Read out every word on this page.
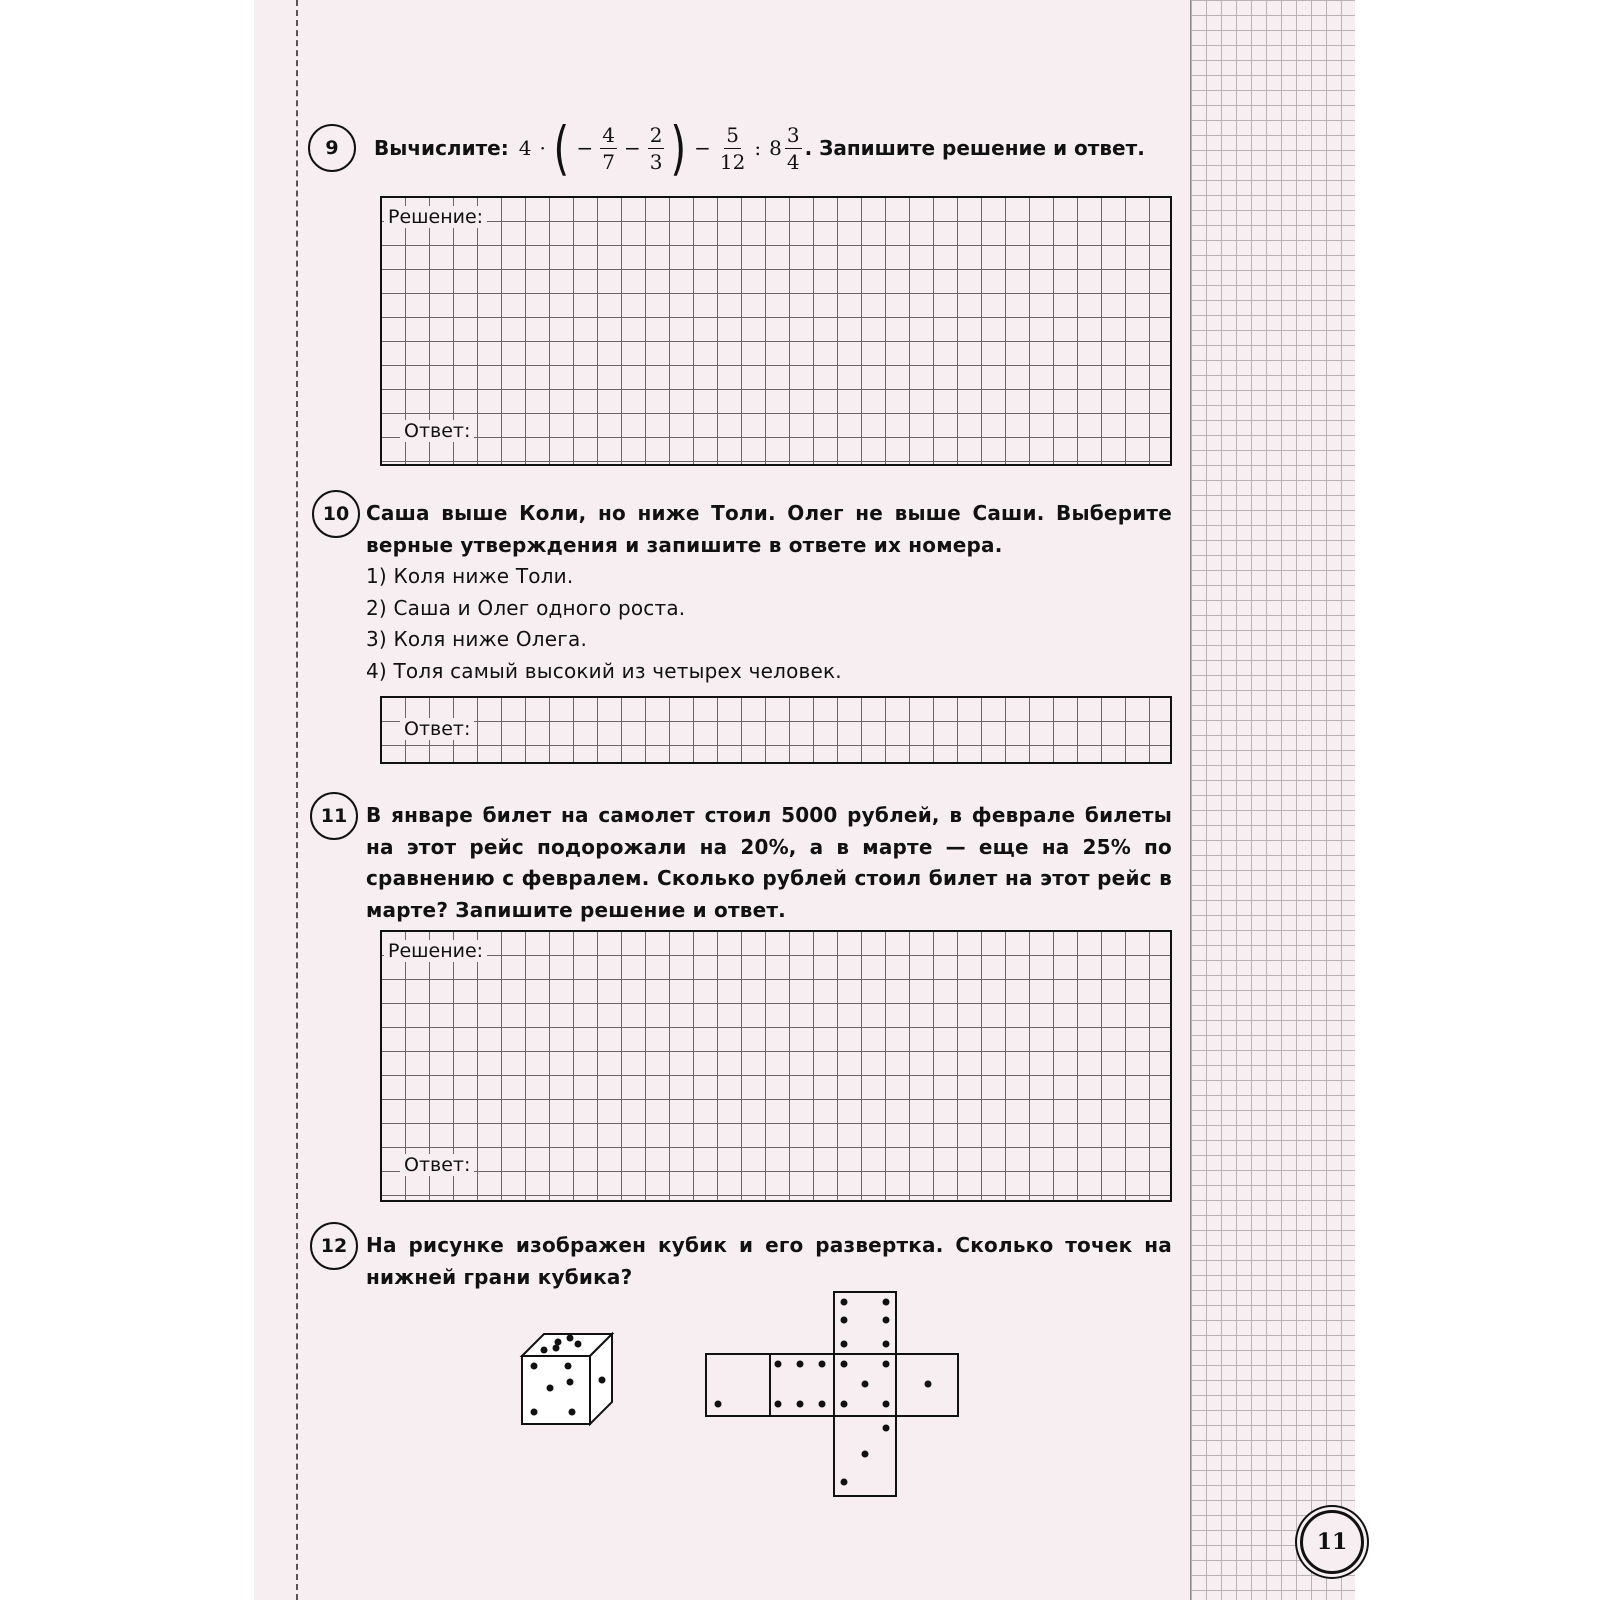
9	Вычислите: 4 · ( − $\frac{4}{7} - \frac{2}{3}$ ) − $\frac{5}{12}$ : $8 \frac{3}{4}$ . Запишите решение и ответ.
Решение:
Ответ:
10 Саша выше Коли, но ниже Толи. Олег не выше Саши. Выберите верные утверждения и запишите в ответе их номера.

1) Коля ниже Толи.

2) Саша и Олег одного роста.

3) Коля ниже Олега.

4) Толя самый высокий из четырех человек.

Ответ:
11 В январе билет на самолет стоил 5000 рублей, в феврале билеты на этот рейс подорожали на 20%, а в марте — еще на 25% по сравнению с февралем. Сколько рублей стоил билет на этот рейс в марте? Запишите решение и ответ.

Решение:
Ответ:
12 На рисунке изображен кубик и его развертка. Сколько точек на нижней грани кубика?

11
